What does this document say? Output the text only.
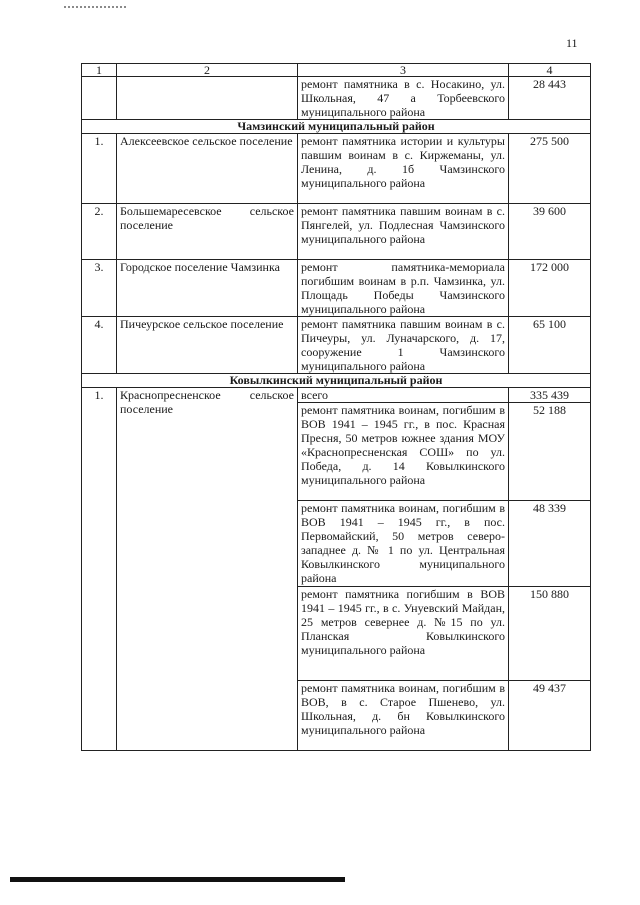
11
1	2	3	4
		ремонт памятника в с. Носакино, ул. Школьная, 47 а Торбеевского муниципального района	28 443
Чамзинский муниципальный район			
1.	Алексеевское сельское поселение	ремонт памятника истории и культуры павшим воинам в с. Киржеманы, ул. Ленина, д. 1б Чамзинского муниципального района	275 500
2.	Большемаресевское сельское поселение	ремонт памятника павшим воинам в с. Пянгелей, ул. Подлесная Чамзинского муниципального района	39 600
3.	Городское поселение Чамзинка	ремонт памятника-мемориала погибшим воинам в р.п. Чамзинка, ул. Площадь Победы Чамзинского муниципального района	172 000
4.	Пичеурское сельское поселение	ремонт памятника павшим воинам в с. Пичеуры, ул. Луначарского, д. 17, сооружение 1 Чамзинского муниципального района	65 100
Ковылкинский муниципальный район			
1.	Краснопресненское сельское поселение	всего	335 439
		ремонт памятника воинам, погибшим в ВОВ 1941 – 1945 гг., в пос. Красная Пресня, 50 метров южнее здания МОУ «Краснопресненская СОШ» по ул. Победа, д. 14 Ковылкинского муниципального района	52 188
		ремонт памятника воинам, погибшим в ВОВ 1941 – 1945 гг., в пос. Первомайский, 50 метров северо-западнее д. № 1 по ул. Центральная Ковылкинского муниципального района	48 339
		ремонт памятника погибшим в ВОВ 1941 – 1945 гг., в с. Унуевский Майдан, 25 метров севернее д. №15 по ул. Планская Ковылкинского муниципального района	150 880
		ремонт памятника воинам, погибшим в ВОВ, в с. Старое Пшенево, ул. Школьная, д. бн Ковылкинского муниципального района	49 437
